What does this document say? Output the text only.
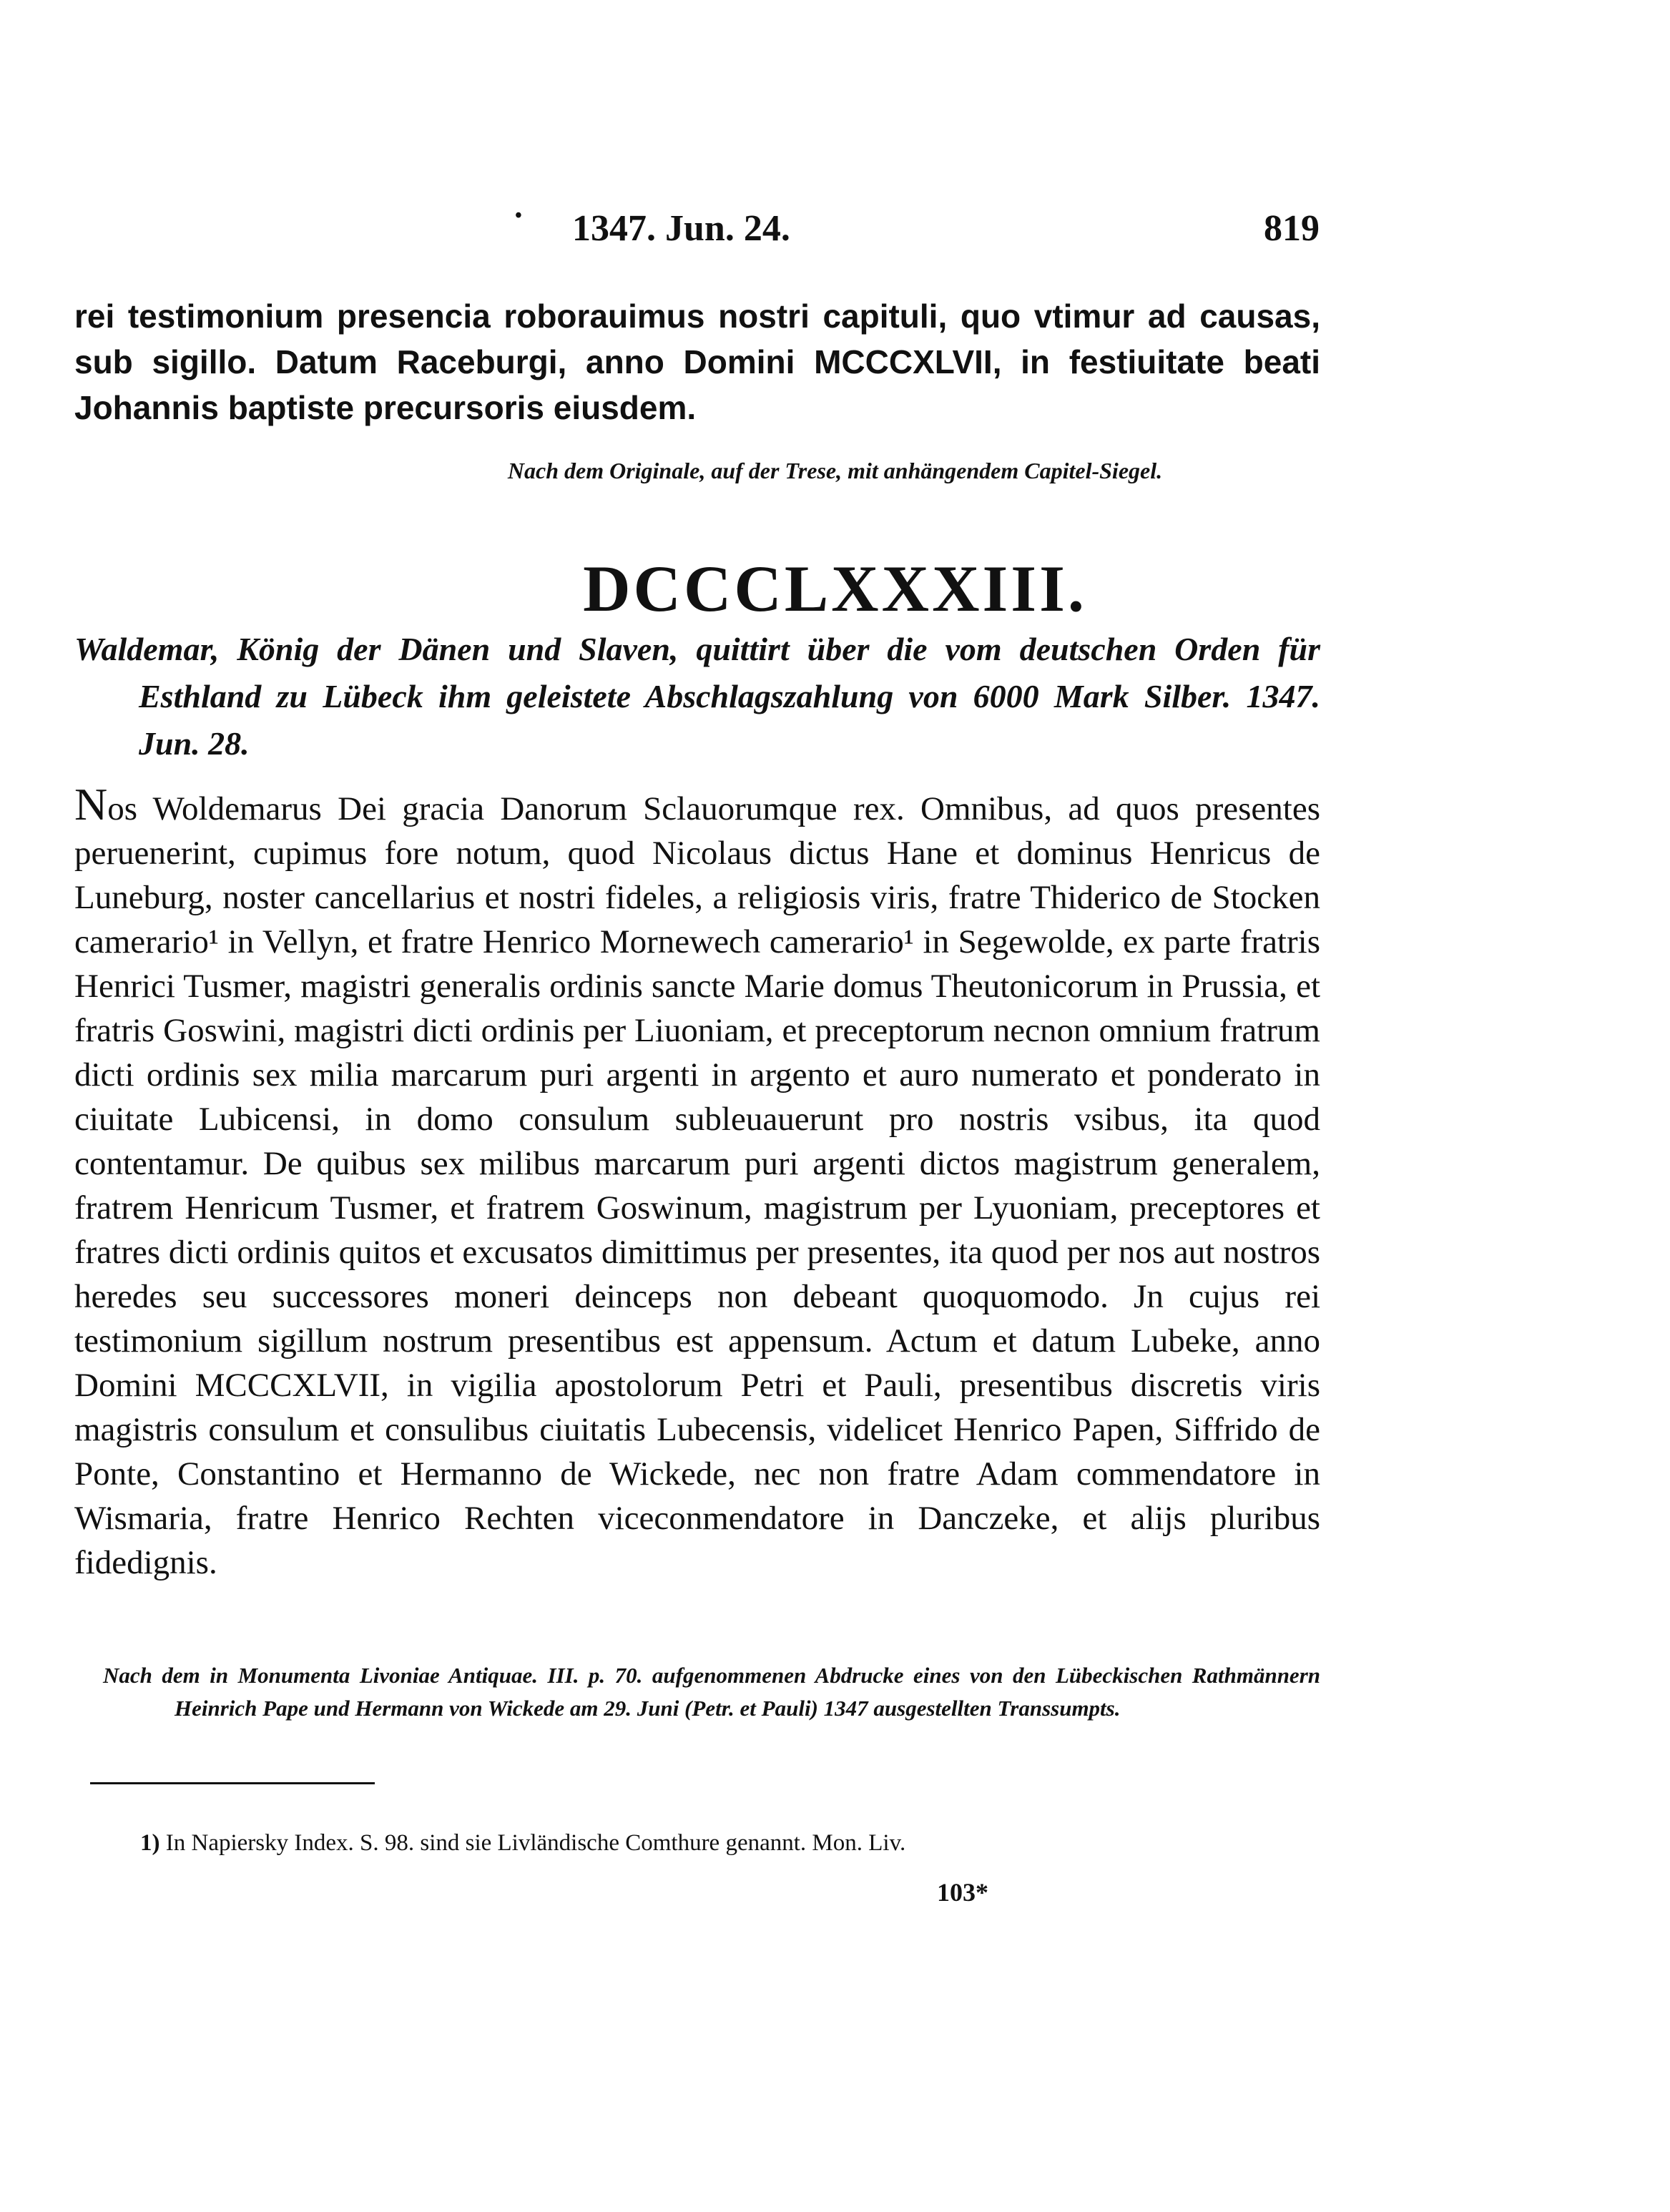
• 1347. Jun. 24.	819
rei testimonium presencia roborauimus nostri capituli, quo vtimur ad causas, sub sigillo. Datum Raceburgi, anno Domini MCCCXLVII, in festiuitate beati Johannis baptiste precursoris eiusdem.
Nach dem Originale, auf der Trese, mit anhängendem Capitel-Siegel.
DCCCLXXXIII.
Waldemar, König der Dänen und Slaven, quittirt über die vom deutschen Orden für Esthland zu Lübeck ihm geleistete Abschlagszahlung von 6000 Mark Silber. 1347. Jun. 28.

Nos Woldemarus Dei gracia Danorum Sclauorumque rex. Omnibus, ad quos presentes peruenerint, cupimus fore notum, quod Nicolaus dictus Hane et dominus Henricus de Luneburg, noster cancellarius et nostri fideles, a religiosis viris, fratre Thiderico de Stocken camerario¹ in Vellyn, et fratre Henrico Mornewech camerario¹ in Segewolde, ex parte fratris Henrici Tusmer, magistri generalis ordinis sancte Marie domus Theutonicorum in Prussia, et fratris Goswini, magistri dicti ordinis per Liuoniam, et preceptorum necnon omnium fratrum dicti ordinis sex milia marcarum puri argenti in argento et auro numerato et ponderato in ciuitate Lubicensi, in domo consulum subleuauerunt pro nostris vsibus, ita quod contentamur. De quibus sex milibus marcarum puri argenti dictos magistrum generalem, fratrem Henricum Tusmer, et fratrem Goswinum, magistrum per Lyuoniam, preceptores et fratres dicti ordinis quitos et excusatos dimittimus per presentes, ita quod per nos aut nostros heredes seu successores moneri deinceps non debeant quoquomodo. Jn cujus rei testimonium sigillum nostrum presentibus est appensum. Actum et datum Lubeke, anno Domini MCCCXLVII, in vigilia apostolorum Petri et Pauli, presentibus discretis viris magistris consulum et consulibus ciuitatis Lubecensis, videlicet Henrico Papen, Siffrido de Ponte, Constantino et Hermanno de Wickede, nec non fratre Adam commendatore in Wismaria, fratre Henrico Rechten viceconmendatore in Danczeke, et alijs pluribus fidedignis.

Nach dem in Monumenta Livoniae Antiquae. III. p. 70. aufgenommenen Abdrucke eines von den Lübeckischen Rathmännern Heinrich Pape und Hermann von Wickede am 29. Juni (Petr. et Pauli) 1347 ausgestellten Transsumpts.
1) In Napiersky Index. S. 98. sind sie Livländische Comthure genannt. Mon. Liv.
103*
